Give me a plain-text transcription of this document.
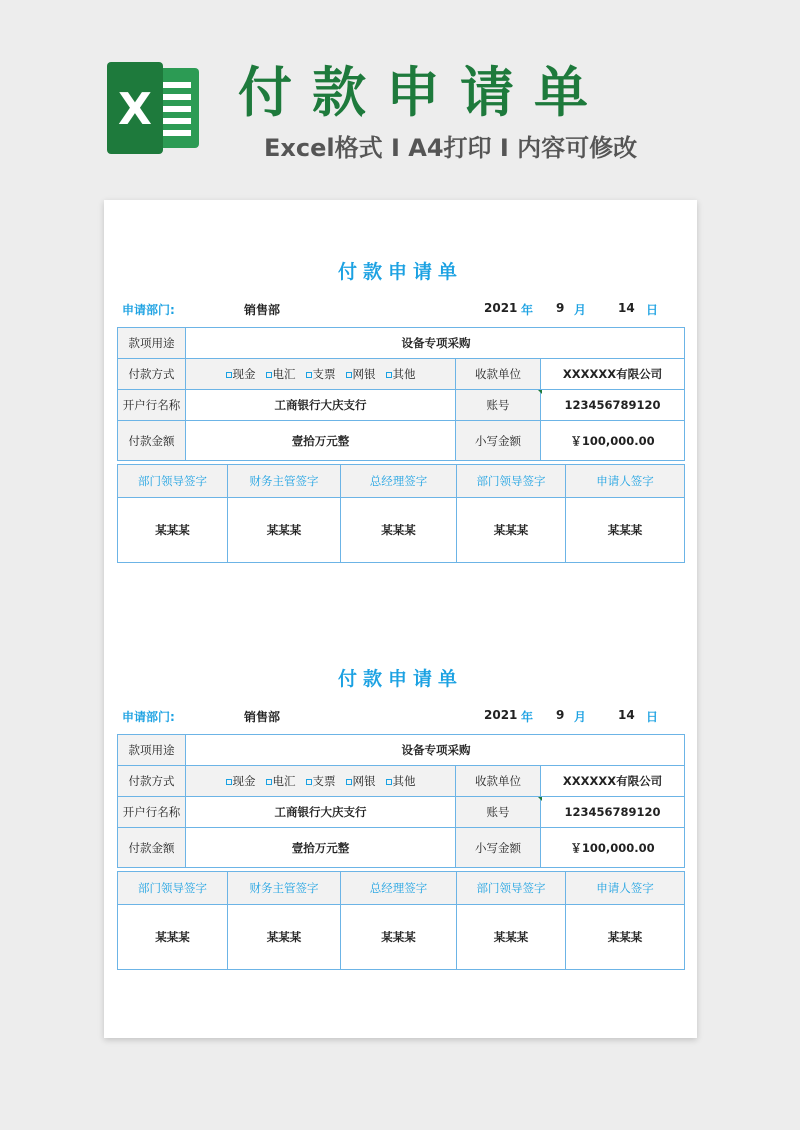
X 付款申请单
Excel格式 I A4打印 I 内容可修改
付款申请单
申请部门:	销售部	2021 年 9 月	14 日
款项用途	设备专项采购		
付款方式	现金 电汇 支票 网银 其他	收款单位	XXXXXX有限公司
开户行名称	工商银行大庆支行	账号	123456789120
付款金额	壹拾万元整	小写金额	￥100,000.00
部门领导签字	财务主管签字	总经理签字	部门领导签字	申请人签字
某某某	某某某	某某某	某某某	某某某
付款申请单
申请部门:	销售部	2021 年 9 月	14 日
款项用途	设备专项采购		
付款方式	现金 电汇 支票 网银 其他	收款单位	XXXXXX有限公司
开户行名称	工商银行大庆支行	账号	123456789120
付款金额	壹拾万元整	小写金额	￥100,000.00
部门领导签字	财务主管签字	总经理签字	部门领导签字	申请人签字
某某某	某某某	某某某	某某某	某某某
